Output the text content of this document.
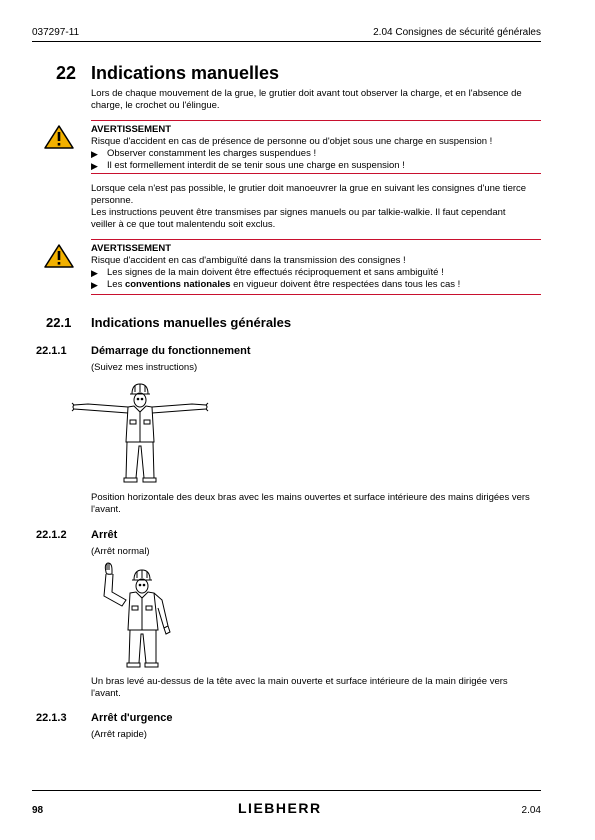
037297-11	2.04 Consignes de sécurité générales
22 Indications manuelles
Lors de chaque mouvement de la grue, le grutier doit avant tout observer la charge, et en l'absence de charge, le crochet ou l'élingue.
AVERTISSEMENT
Risque d'accident en cas de présence de personne ou d'objet sous une charge en suspension !
▶ Observer constamment les charges suspendues !
▶ Il est formellement interdit de se tenir sous une charge en suspension !
Lorsque cela n'est pas possible, le grutier doit manoeuvrer la grue en suivant les consignes d'une tierce personne.
Les instructions peuvent être transmises par signes manuels ou par talkie-walkie. Il faut cependant veiller à ce que tout malentendu soit exclus.
AVERTISSEMENT
Risque d'accident en cas d'ambiguïté dans la transmission des consignes !
▶ Les signes de la main doivent être effectués réciproquement et sans ambiguïté !
▶ Les conventions nationales en vigueur doivent être respectées dans tous les cas !
22.1 Indications manuelles générales
22.1.1 Démarrage du fonctionnement
(Suivez mes instructions)
Position horizontale des deux bras avec les mains ouvertes et surface intérieure des mains dirigées vers l'avant.
22.1.2 Arrêt
(Arrêt normal)
Un bras levé au-dessus de la tête avec la main ouverte et surface intérieure de la main dirigée vers l'avant.
22.1.3 Arrêt d'urgence
(Arrêt rapide)
98	LIEBHERR	2.04
